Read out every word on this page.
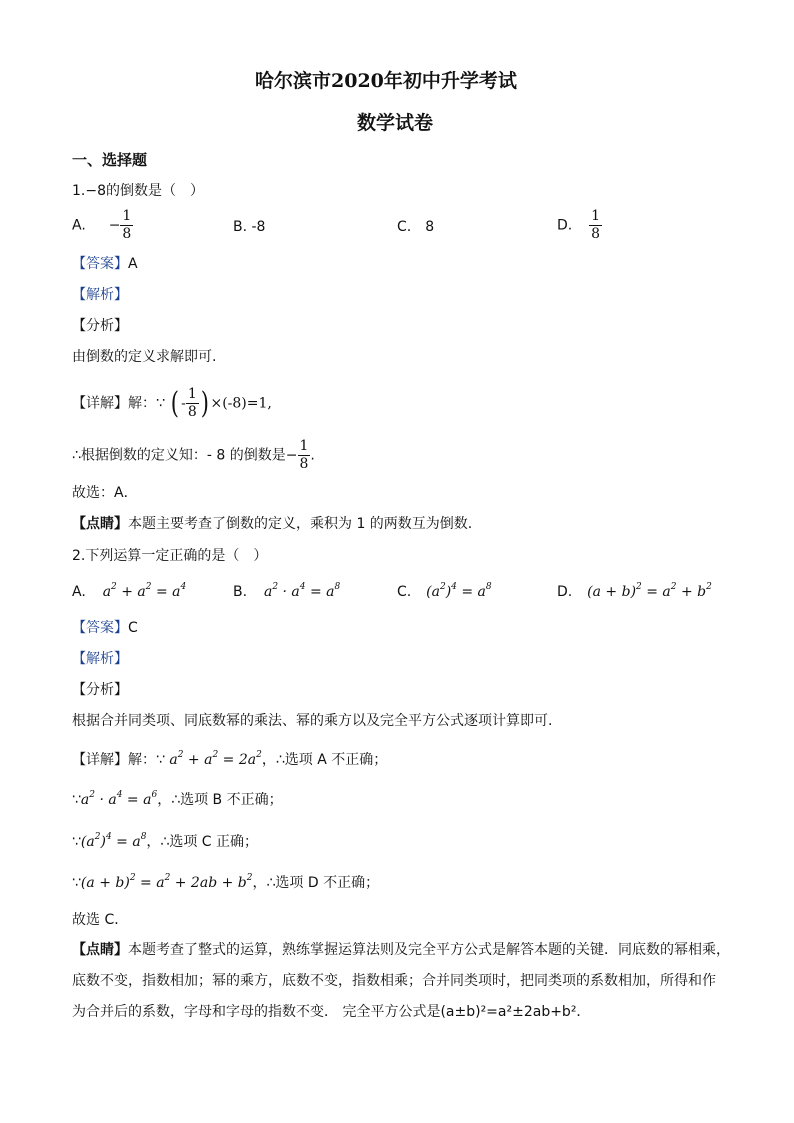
哈尔滨市2020年初中升学考试
数学试卷
一、选择题
1.−8的倒数是（　）
A. − $\frac{1}{8}$	B. -8	C.　8	D. $\frac{1}{8}$
【答案】A
【解析】
【分析】
由倒数的定义求解即可.
【详解】解：∵ ( - $\frac{1}{8}$ ) ×(-8)=1,
∴根据倒数的定义知：- 8 的倒数是− $\frac{1}{8}$ .
故选：A．
【点睛】本题主要考查了倒数的定义，乘积为 1 的两数互为倒数.
2.下列运算一定正确的是（　）
A. $a^2 + a^2 = a^4$	B. $a^2 \cdot a^4 = a^8$	C. $(a^2)^4 = a^8$	D. $(a + b)^2 = a^2 + b^2$
【答案】C
【解析】
【分析】
根据合并同类项、同底数幂的乘法、幂的乘方以及完全平方公式逐项计算即可.
【详解】解：∵ $a^2 + a^2 = 2a^2$，∴选项 A 不正确；
$\because a^2 \cdot a^4 = a^6$，∴选项 B 不正确；
$\because(a^2)^4 = a^8$，∴选项 C 正确；
∵(a + $b)^2 = a^2 + 2ab + b^2$，∴选项 D 不正确；
故选 C．
【点睛】本题考查了整式的运算，熟练掌握运算法则及完全平方公式是解答本题的关键．同底数的幂相乘，
底数不变，指数相加；幂的乘方，底数不变，指数相乘；合并同类项时，把同类项的系数相加，所得和作
为合并后的系数，字母和字母的指数不变． 完全平方公式是(a±b)²=a²±2ab+b²．
